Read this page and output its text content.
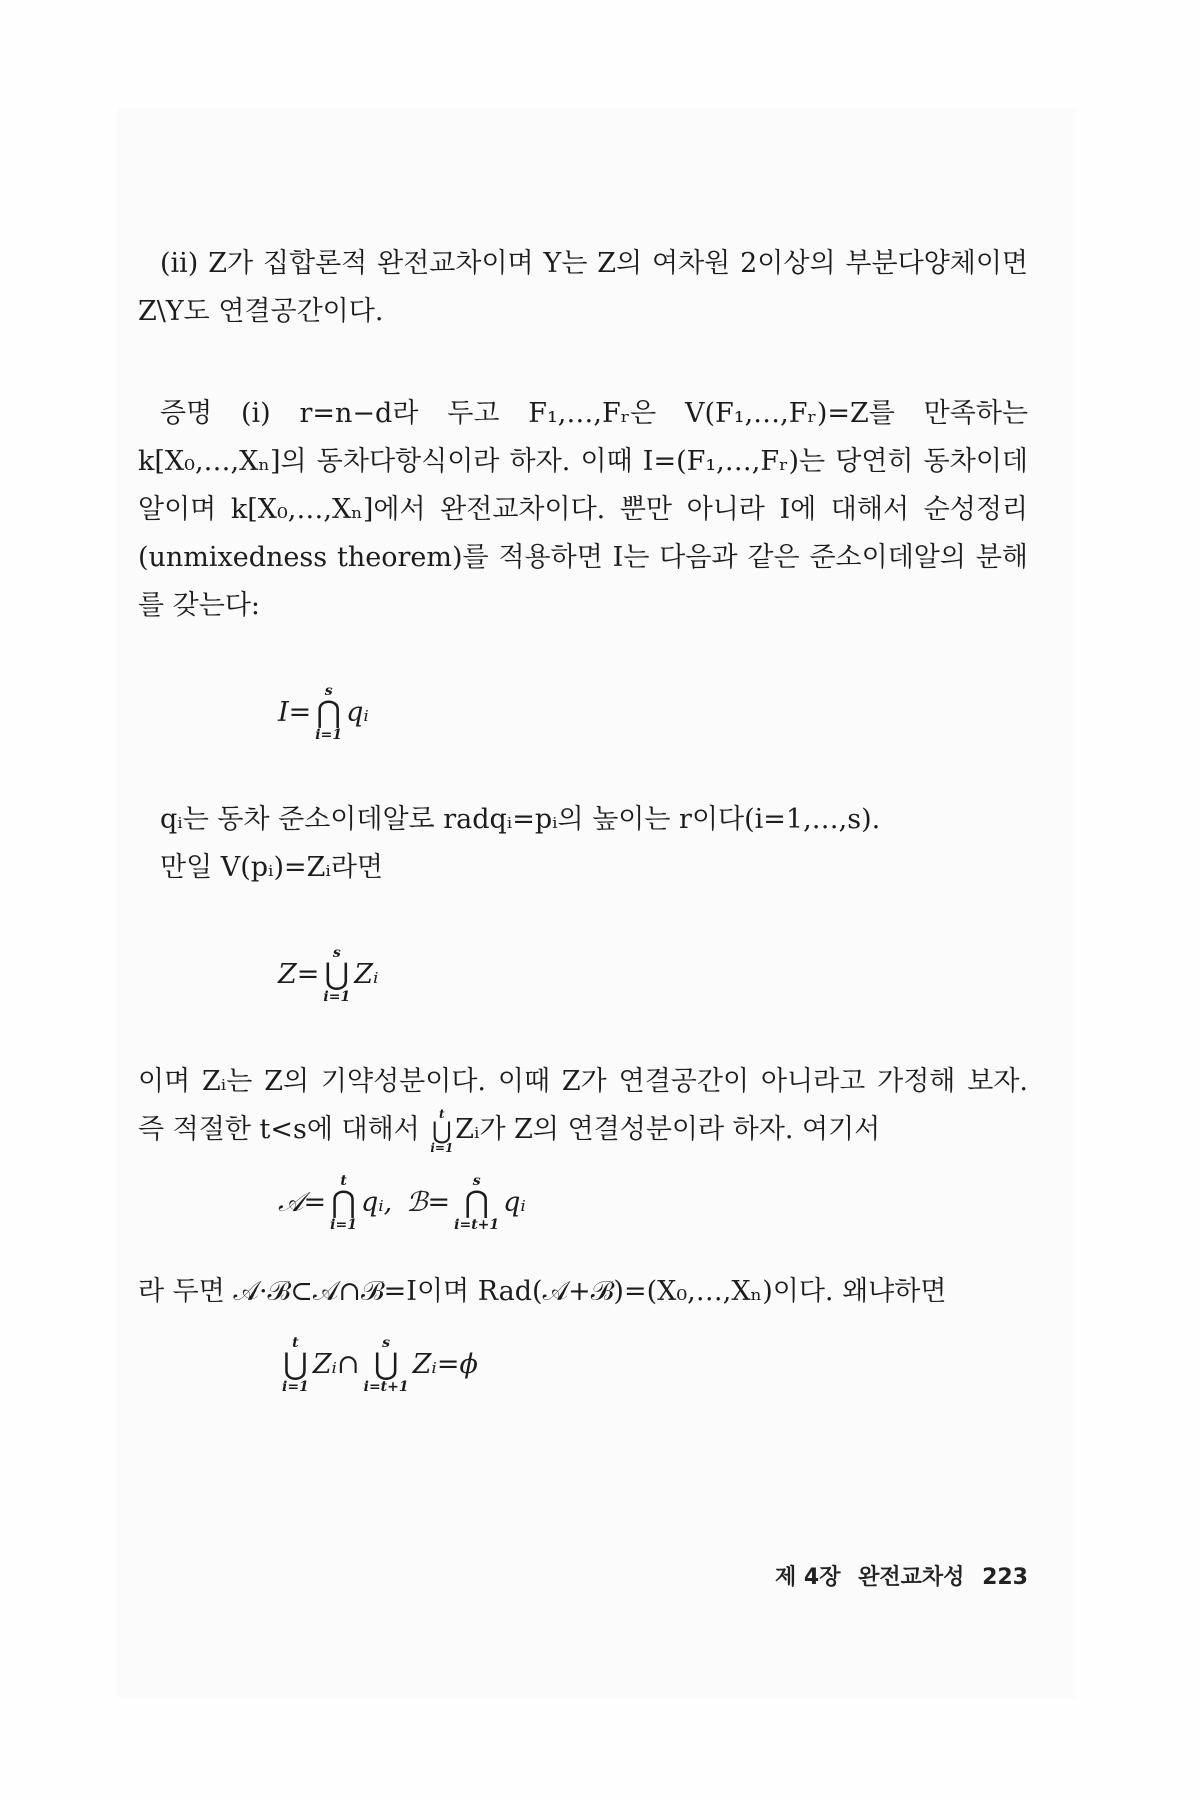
(ii) Z가 집합론적 완전교차이며 Y는 Z의 여차원 2이상의 부분다양체이면 Z\Y도 연결공간이다.

증명 (i) r=n−d라 두고 F₁,…,Fᵣ은 V(F₁,…,Fᵣ)=Z를 만족하는 k[X₀,…,Xₙ]의 동차다항식이라 하자. 이때 I=(F₁,…,Fᵣ)는 당연히 동차이데알이며 k[X₀,…,Xₙ]에서 완전교차이다. 뿐만 아니라 I에 대해서 순성정리(unmixedness theorem)를 적용하면 I는 다음과 같은 준소이데알의 분해를 갖는다:

I=
s
⋂
i=1
qᵢ

qᵢ는 동차 준소이데알로 radqᵢ=pᵢ의 높이는 r이다(i=1,…,s).

만일 V(pᵢ)=Zᵢ라면

Z=
s
⋃
i=1
Zᵢ

이며 Zᵢ는 Z의 기약성분이다. 이때 Z가 연결공간이 아니라고 가정해 보자. 즉 적절한 t<s에 대해서
t
⋃
i=1
Zᵢ가 Z의 연결성분이라 하자. 여기서

𝒜=
t
⋂
i=1
qᵢ, ℬ=
s
⋂
i=t+1
qᵢ

라 두면 𝒜·ℬ⊂𝒜∩ℬ=I이며 Rad(𝒜+ℬ)=(X₀,…,Xₙ)이다. 왜냐하면

t
⋃
i=1
Zᵢ∩
s
⋃
i=t+1
Zᵢ=ϕ
제 4장 완전교차성 223
